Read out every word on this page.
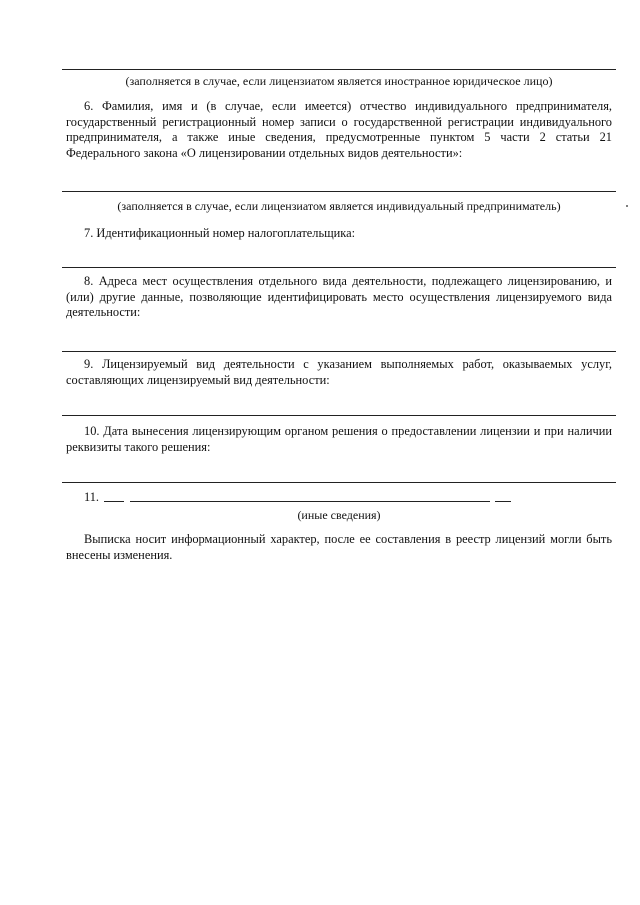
(заполняется в случае, если лицензиатом является иностранное юридическое лицо)

6. Фамилия, имя и (в случае, если имеется) отчество индивидуального предпринимателя, государственный регистрационный номер записи о государственной регистрации индивидуального предпринимателя, а также иные сведения, предусмотренные пунктом 5 части 2 статьи 21 Федерального закона «О лицензировании отдельных видов деятельности»:

(заполняется в случае, если лицензиатом является индивидуальный предприниматель)

7. Идентификационный номер налогоплательщика:

8. Адреса мест осуществления отдельного вида деятельности, подлежащего лицензированию, и (или) другие данные, позволяющие идентифицировать место осуществления лицензируемого вида деятельности:

9. Лицензируемый вид деятельности с указанием выполняемых работ, оказываемых услуг, составляющих лицензируемый вид деятельности:

10. Дата вынесения лицензирующим органом решения о предоставлении лицензии и при наличии реквизиты такого решения:

11.
(иные сведения)

Выписка носит информационный характер, после ее составления в реестр лицензий могли быть внесены изменения.
